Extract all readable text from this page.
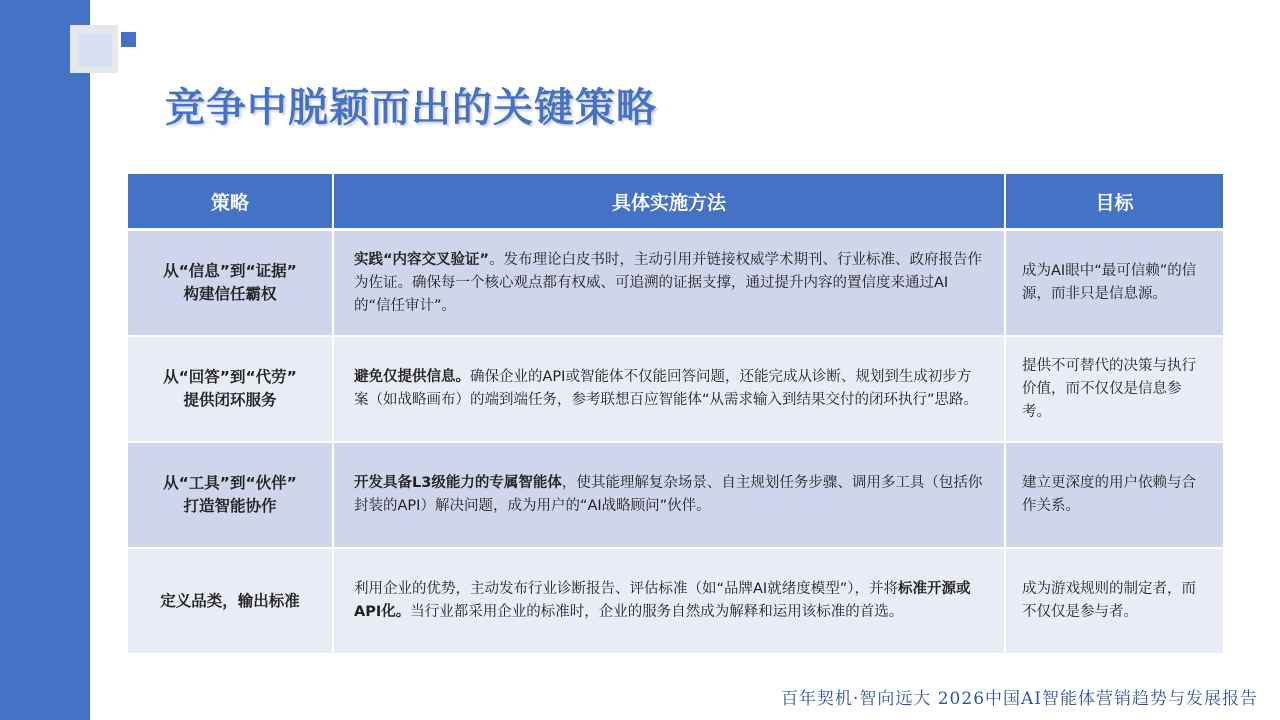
竞争中脱颖而出的关键策略
策略	具体实施方法	目标

从“信息”到“证据”
构建信任霸权	实践“内容交叉验证”。发布理论白皮书时，主动引用并链接权威学术期刊、行业标准、政府报告作为佐证。确保每一个核心观点都有权威、可追溯的证据支撑，通过提升内容的置信度来通过AI的“信任审计”。	成为AI眼中“最可信赖”的信源，而非只是信息源。

从“回答”到“代劳”
提供闭环服务	避免仅提供信息。确保企业的API或智能体不仅能回答问题，还能完成从诊断、规划到生成初步方案（如战略画布）的端到端任务，参考联想百应智能体“从需求输入到结果交付的闭环执行”思路。	提供不可替代的决策与执行价值，而不仅仅是信息参考。

从“工具”到“伙伴”
打造智能协作	开发具备L3级能力的专属智能体，使其能理解复杂场景、自主规划任务步骤、调用多工具（包括你封装的API）解决问题，成为用户的“AI战略顾问”伙伴。	建立更深度的用户依赖与合作关系。

定义品类，输出标准	利用企业的优势，主动发布行业诊断报告、评估标准（如“品牌AI就绪度模型”），并将标准开源或API化。当行业都采用企业的标准时，企业的服务自然成为解释和运用该标准的首选。	成为游戏规则的制定者，而不仅仅是参与者。
百年契机·智向远大 2026中国AI智能体营销趋势与发展报告
